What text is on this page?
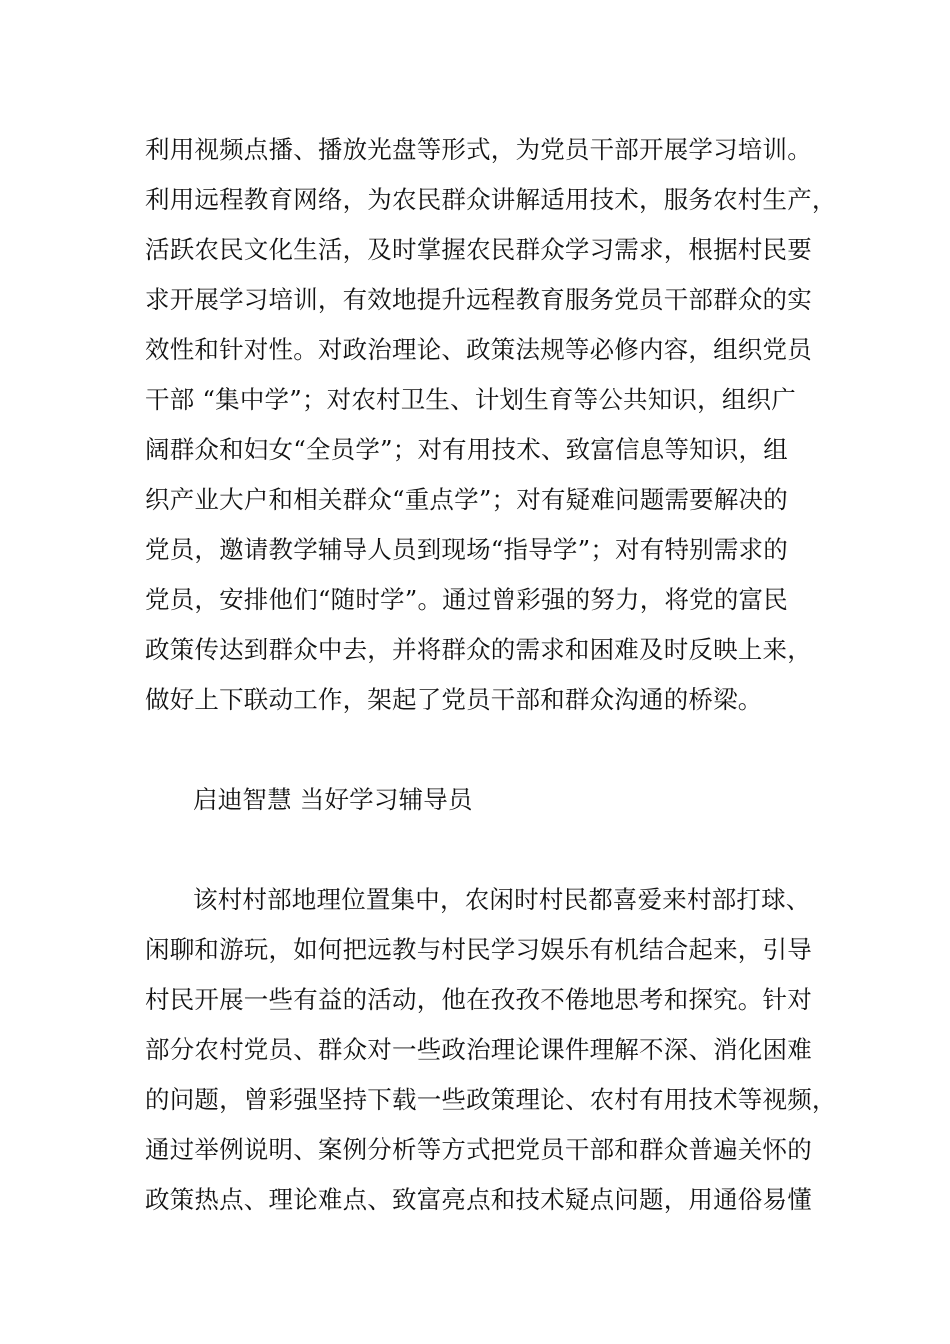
利用视频点播、播放光盘等形式，为党员干部开展学习培训。
利用远程教育网络，为农民群众讲解适用技术，服务农村生产，
活跃农民文化生活，及时掌握农民群众学习需求，根据村民要
求开展学习培训，有效地提升远程教育服务党员干部群众的实
效性和针对性。对政治理论、政策法规等必修内容，组织党员
干部 “集中学”；对农村卫生、计划生育等公共知识，组织广
阔群众和妇女“全员学”；对有用技术、致富信息等知识，组
织产业大户和相关群众“重点学”；对有疑难问题需要解决的
党员，邀请教学辅导人员到现场“指导学”；对有特别需求的
党员，安排他们“随时学”。通过曾彩强的努力，将党的富民
政策传达到群众中去，并将群众的需求和困难及时反映上来，
做好上下联动工作，架起了党员干部和群众沟通的桥梁。
启迪智慧 当好学习辅导员
该村村部地理位置集中，农闲时村民都喜爱来村部打球、
闲聊和游玩，如何把远教与村民学习娱乐有机结合起来，引导
村民开展一些有益的活动，他在孜孜不倦地思考和探究。针对
部分农村党员、群众对一些政治理论课件理解不深、消化困难
的问题，曾彩强坚持下载一些政策理论、农村有用技术等视频，
通过举例说明、案例分析等方式把党员干部和群众普遍关怀的
政策热点、理论难点、致富亮点和技术疑点问题，用通俗易懂
